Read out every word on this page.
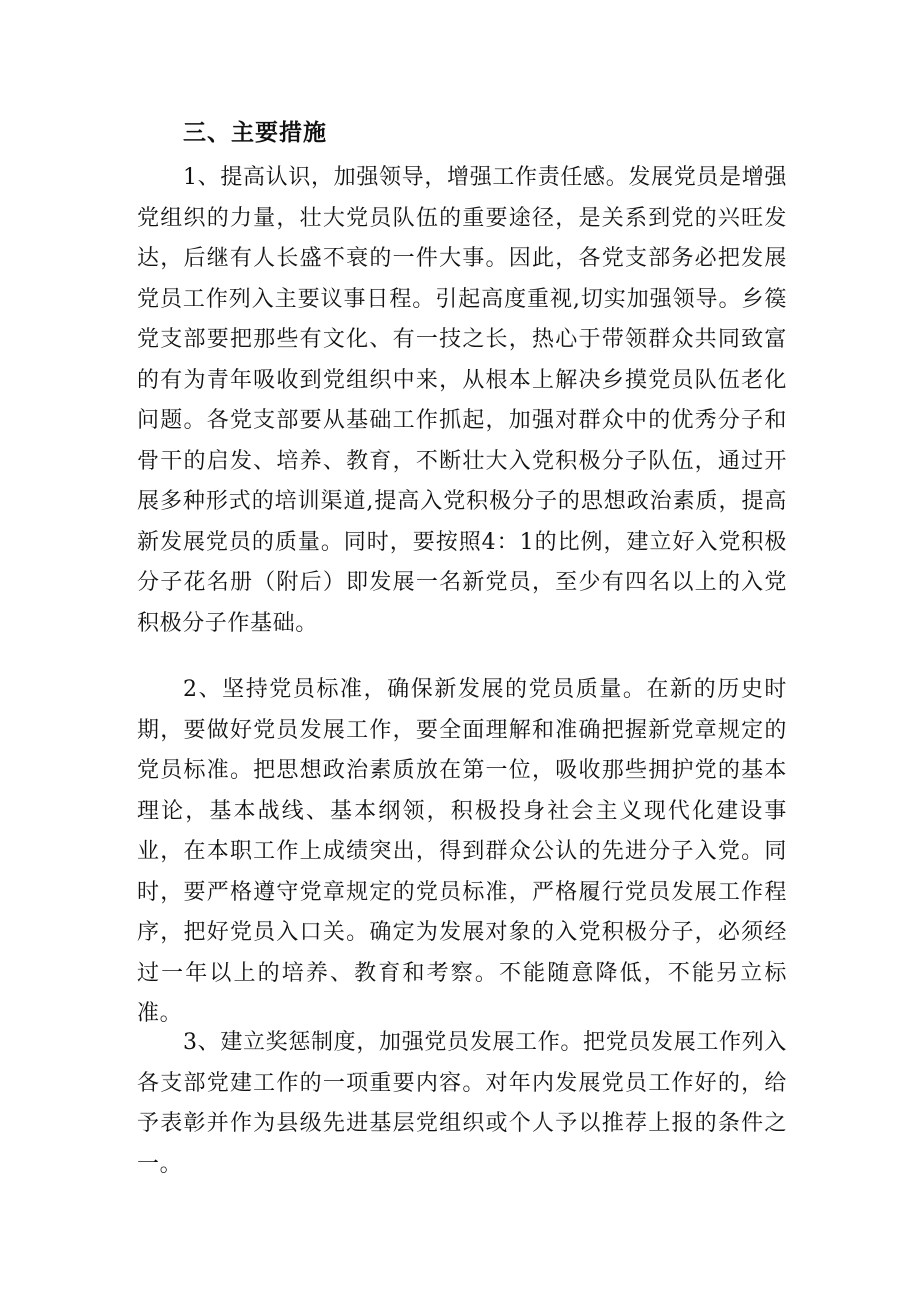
三、主要措施

1、提高认识，加强领导，增强工作责任感。发展党员是增强党组织的力量，壮大党员队伍的重要途径，是关系到党的兴旺发达，后继有人长盛不衰的一件大事。因此，各党支部务必把发展党员工作列入主要议事日程。引起高度重视,切实加强领导。乡篌党支部要把那些有文化、有一技之长，热心于带领群众共同致富的有为青年吸收到党组织中来，从根本上解决乡摸党员队伍老化问题。各党支部要从基础工作抓起，加强对群众中的优秀分子和骨干的启发、培养、教育，不断壮大入党积极分子队伍，通过开展多种形式的培训渠道,提高入党积极分子的思想政治素质，提高新发展党员的质量。同时，要按照4：1的比例，建立好入党积极分子花名册（附后）即发展一名新党员，至少有四名以上的入党积极分子作基础。

2、坚持党员标准，确保新发展的党员质量。在新的历史时期，要做好党员发展工作，要全面理解和准确把握新党章规定的党员标准。把思想政治素质放在第一位，吸收那些拥护党的基本理论，基本战线、基本纲领，积极投身社会主义现代化建设事业，在本职工作上成绩突出，得到群众公认的先进分子入党。同时，要严格遵守党章规定的党员标准，严格履行党员发展工作程序，把好党员入口关。确定为发展对象的入党积极分子，必须经过一年以上的培养、教育和考察。不能随意降低，不能另立标准。

3、建立奖惩制度，加强党员发展工作。把党员发展工作列入各支部党建工作的一项重要内容。对年内发展党员工作好的，给予表彰并作为县级先进基层党组织或个人予以推荐上报的条件之一。
